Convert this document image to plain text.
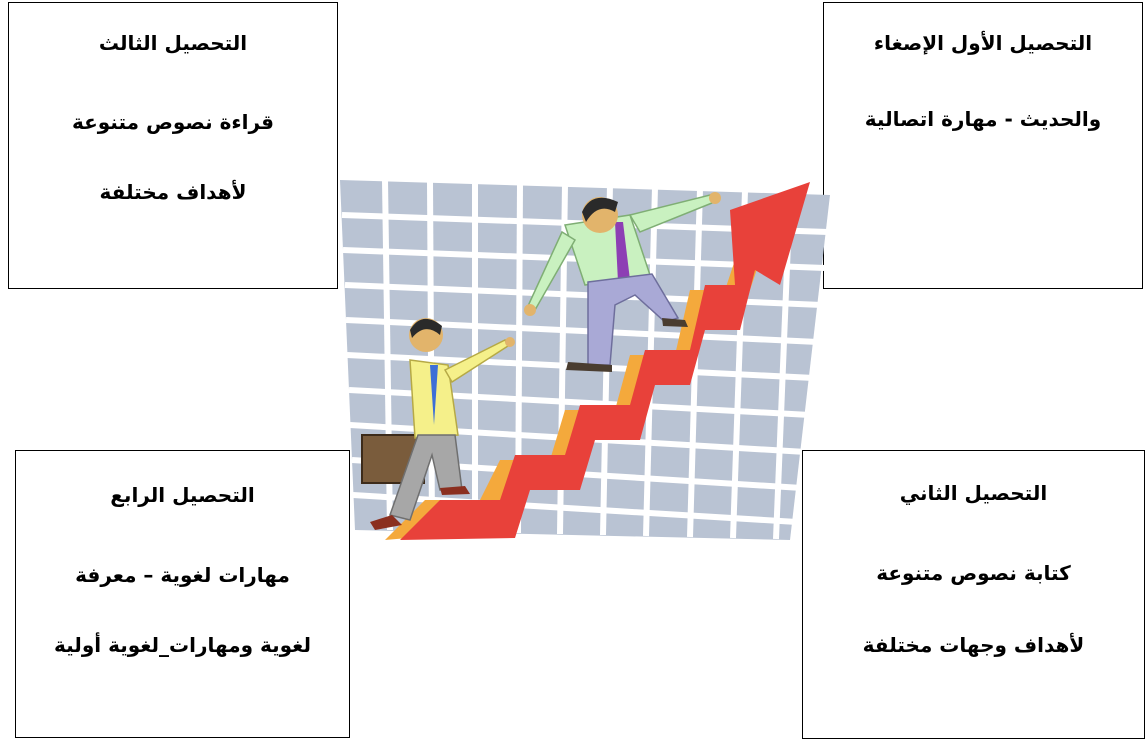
التحصيل الثالث
قراءة نصوص متنوعة
لأهداف مختلفة
التحصيل الأول الإصغاء
والحديث - مهارة اتصالية
التحصيل الرابع
مهارات لغوية – معرفة
لغوية ومهارات_لغوية أولية
التحصيل الثاني
كتابة نصوص متنوعة
لأهداف وجهات مختلفة
